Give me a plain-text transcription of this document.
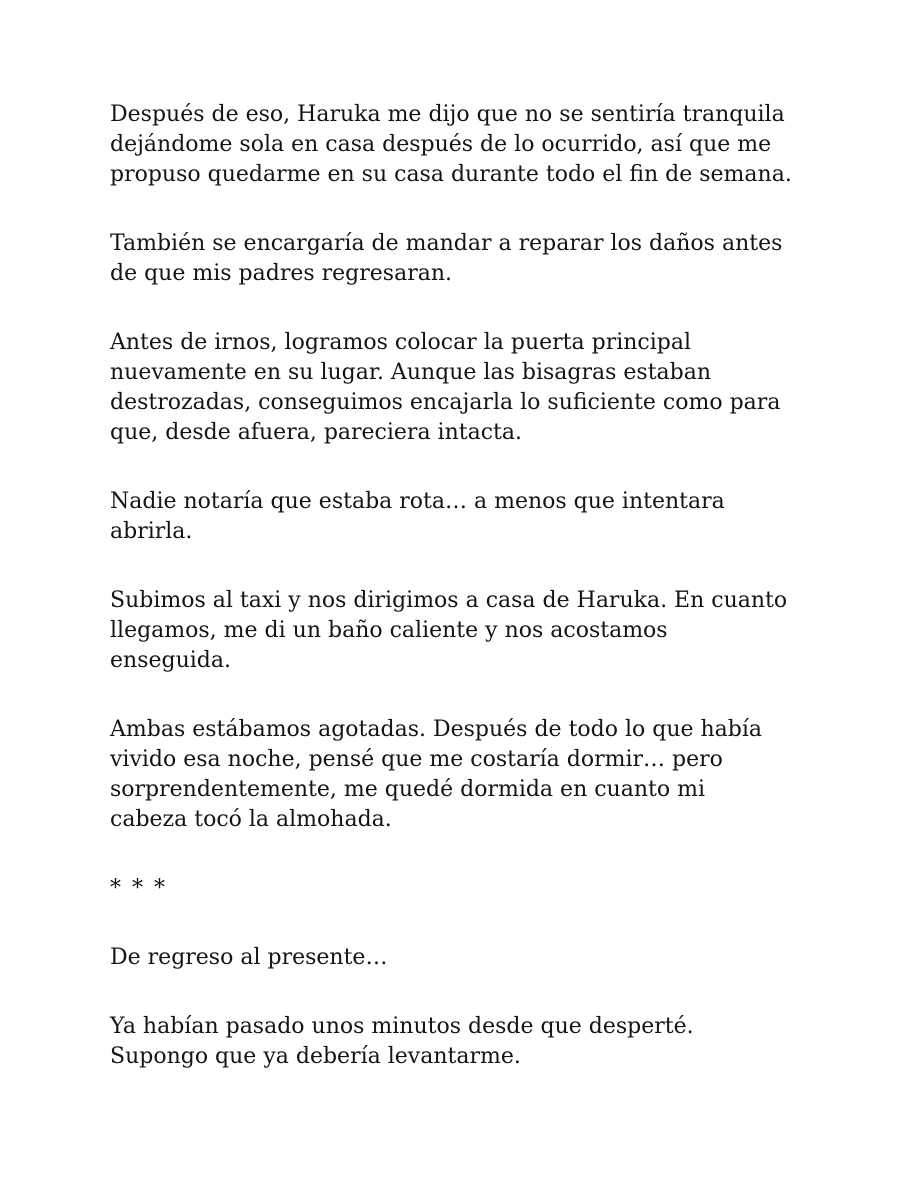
Después de eso, Haruka me dijo que no se sentiría tranquila
dejándome sola en casa después de lo ocurrido, así que me
propuso quedarme en su casa durante todo el fin de semana.

También se encargaría de mandar a reparar los daños antes
de que mis padres regresaran.

Antes de irnos, logramos colocar la puerta principal
nuevamente en su lugar. Aunque las bisagras estaban
destrozadas, conseguimos encajarla lo suficiente como para
que, desde afuera, pareciera intacta.

Nadie notaría que estaba rota… a menos que intentara
abrirla.

Subimos al taxi y nos dirigimos a casa de Haruka. En cuanto
llegamos, me di un baño caliente y nos acostamos
enseguida.

Ambas estábamos agotadas. Después de todo lo que había
vivido esa noche, pensé que me costaría dormir… pero
sorprendentemente, me quedé dormida en cuanto mi
cabeza tocó la almohada.

* * *

De regreso al presente…

Ya habían pasado unos minutos desde que desperté.
Supongo que ya debería levantarme.
